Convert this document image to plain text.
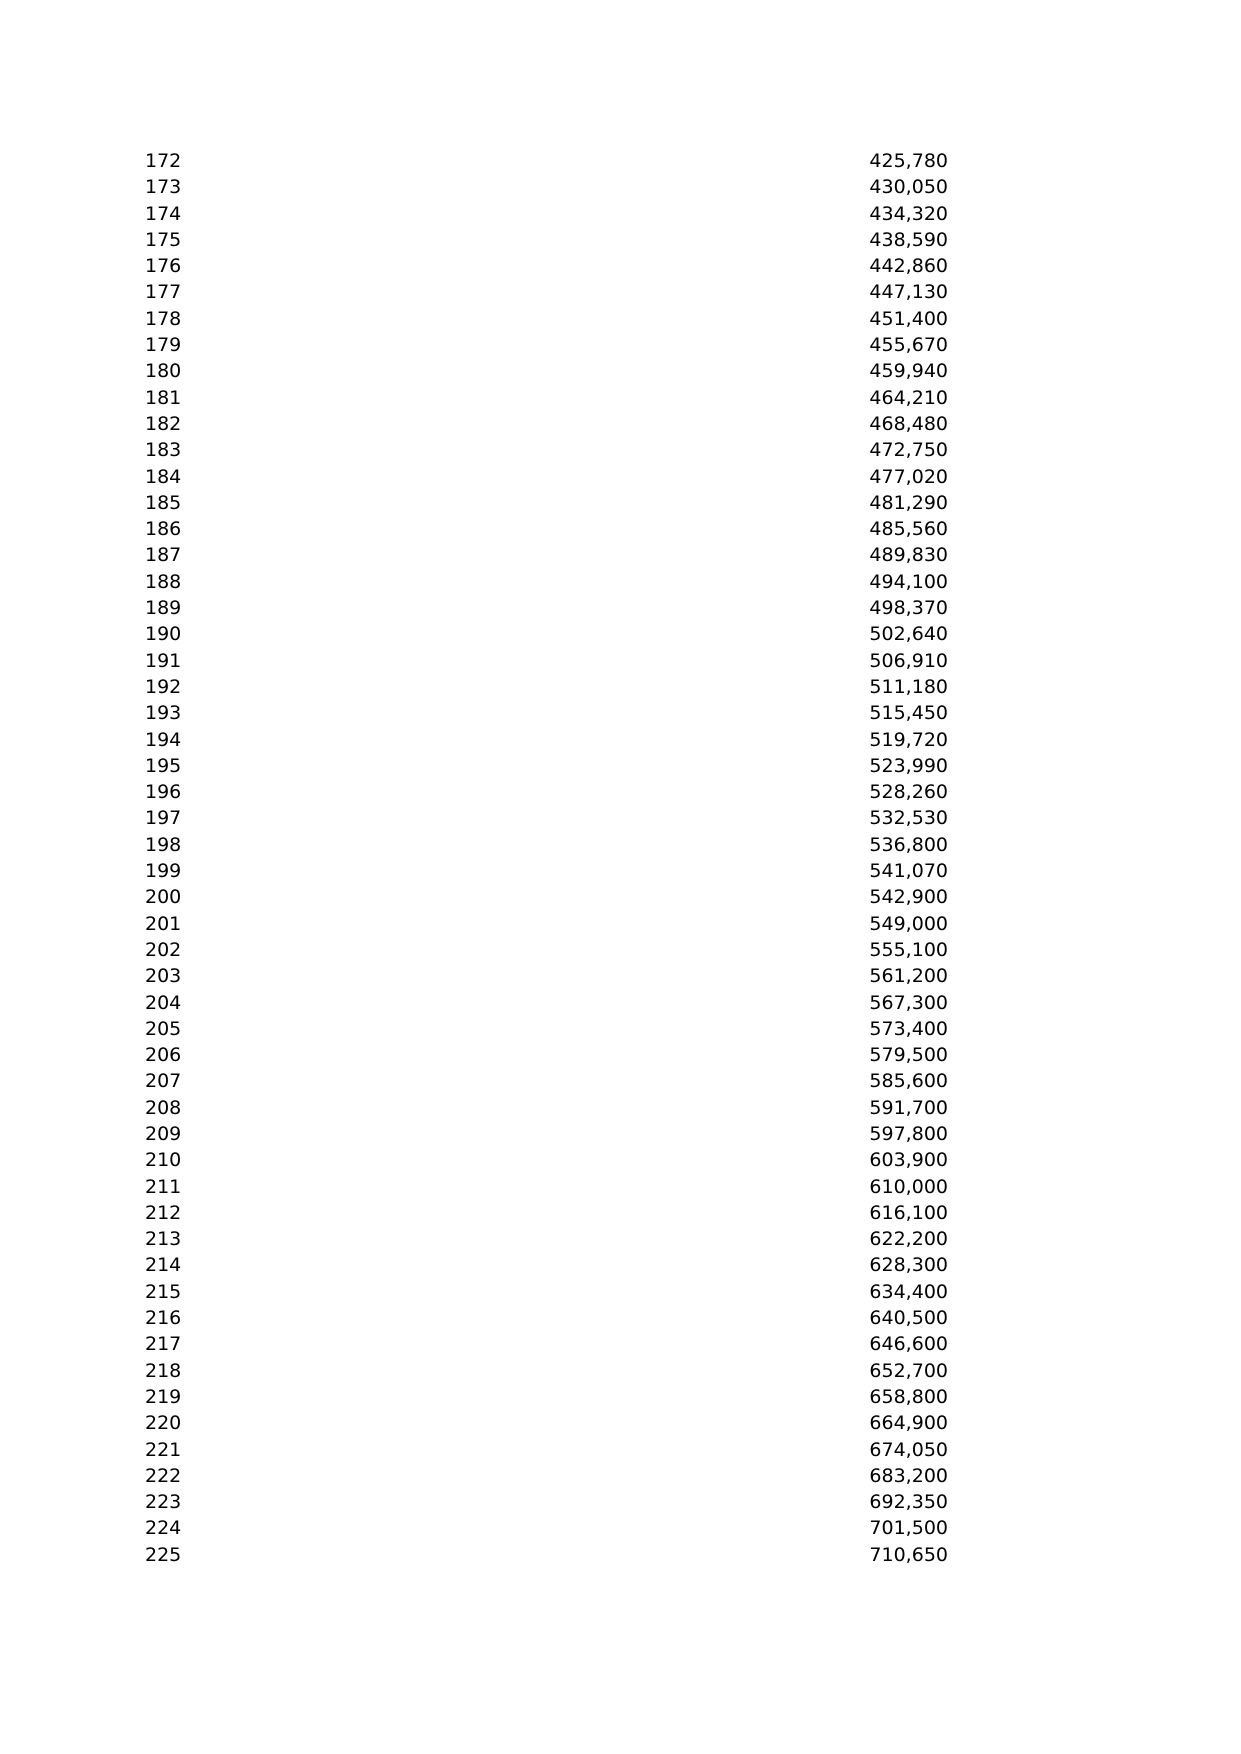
172		425,780
173		430,050
174		434,320
175		438,590
176		442,860
177		447,130
178		451,400
179		455,670
180		459,940
181		464,210
182		468,480
183		472,750
184		477,020
185		481,290
186		485,560
187		489,830
188		494,100
189		498,370
190		502,640
191		506,910
192		511,180
193		515,450
194		519,720
195		523,990
196		528,260
197		532,530
198		536,800
199		541,070
200		542,900
201		549,000
202		555,100
203		561,200
204		567,300
205		573,400
206		579,500
207		585,600
208		591,700
209		597,800
210		603,900
211		610,000
212		616,100
213		622,200
214		628,300
215		634,400
216		640,500
217		646,600
218		652,700
219		658,800
220		664,900
221		674,050
222		683,200
223		692,350
224		701,500
225		710,650
